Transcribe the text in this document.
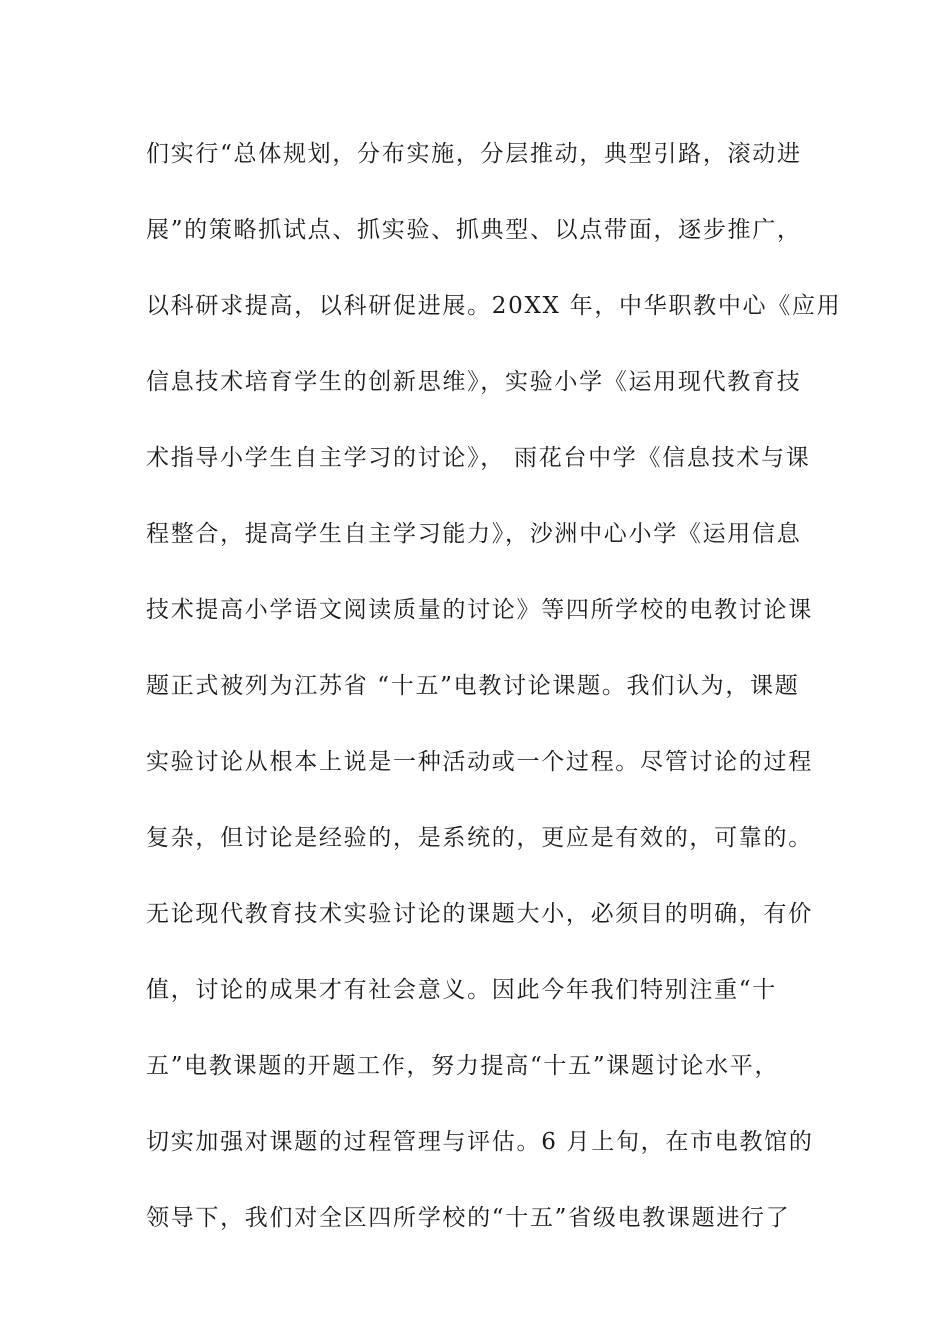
们实行“总体规划，分布实施，分层推动，典型引路，滚动进
展”的策略抓试点、抓实验、抓典型、以点带面，逐步推广，
以科研求提高，以科研促进展。20XX 年，中华职教中心《应用
信息技术培育学生的创新思维》，实验小学《运用现代教育技
术指导小学生自主学习的讨论》， 雨花台中学《信息技术与课
程整合，提高学生自主学习能力》，沙洲中心小学《运用信息
技术提高小学语文阅读质量的讨论》等四所学校的电教讨论课
题正式被列为江苏省 “十五”电教讨论课题。我们认为，课题
实验讨论从根本上说是一种活动或一个过程。尽管讨论的过程
复杂，但讨论是经验的，是系统的，更应是有效的，可靠的。
无论现代教育技术实验讨论的课题大小，必须目的明确，有价
值，讨论的成果才有社会意义。因此今年我们特别注重“十
五”电教课题的开题工作，努力提高“十五”课题讨论水平，
切实加强对课题的过程管理与评估。6 月上旬，在市电教馆的
领导下，我们对全区四所学校的“十五”省级电教课题进行了
